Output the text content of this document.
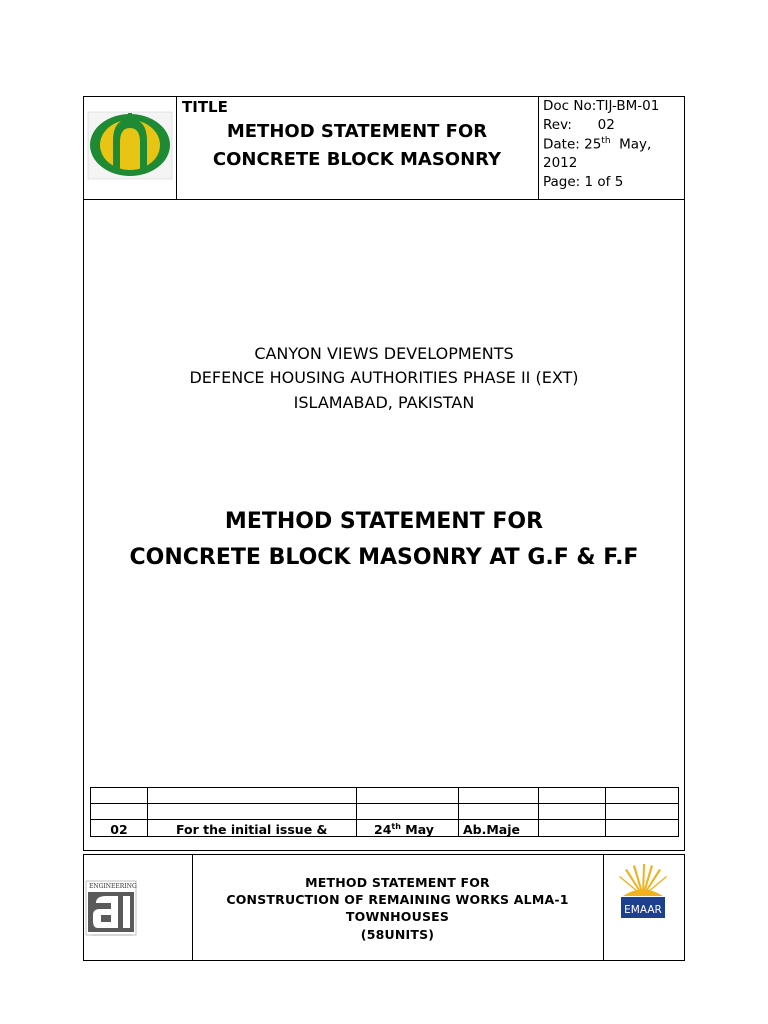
TITLE
METHOD STATEMENT FOR
CONCRETE BLOCK MASONRY
Doc No:TIJ-BM-01
Rev:      02
Date: 25th  May,
2012
Page: 1 of 5
CANYON VIEWS DEVELOPMENTS
DEFENCE HOUSING AUTHORITIES PHASE II (EXT)
ISLAMABAD, PAKISTAN
METHOD STATEMENT FOR
CONCRETE BLOCK MASONRY AT G.F & F.F

02	For the initial issue &	24th May	Ab.Maje		
ENGINEERING	METHOD STATEMENT FOR
CONSTRUCTION OF REMAINING WORKS ALMA-1
TOWNHOUSES
(58UNITS)
EMAAR
